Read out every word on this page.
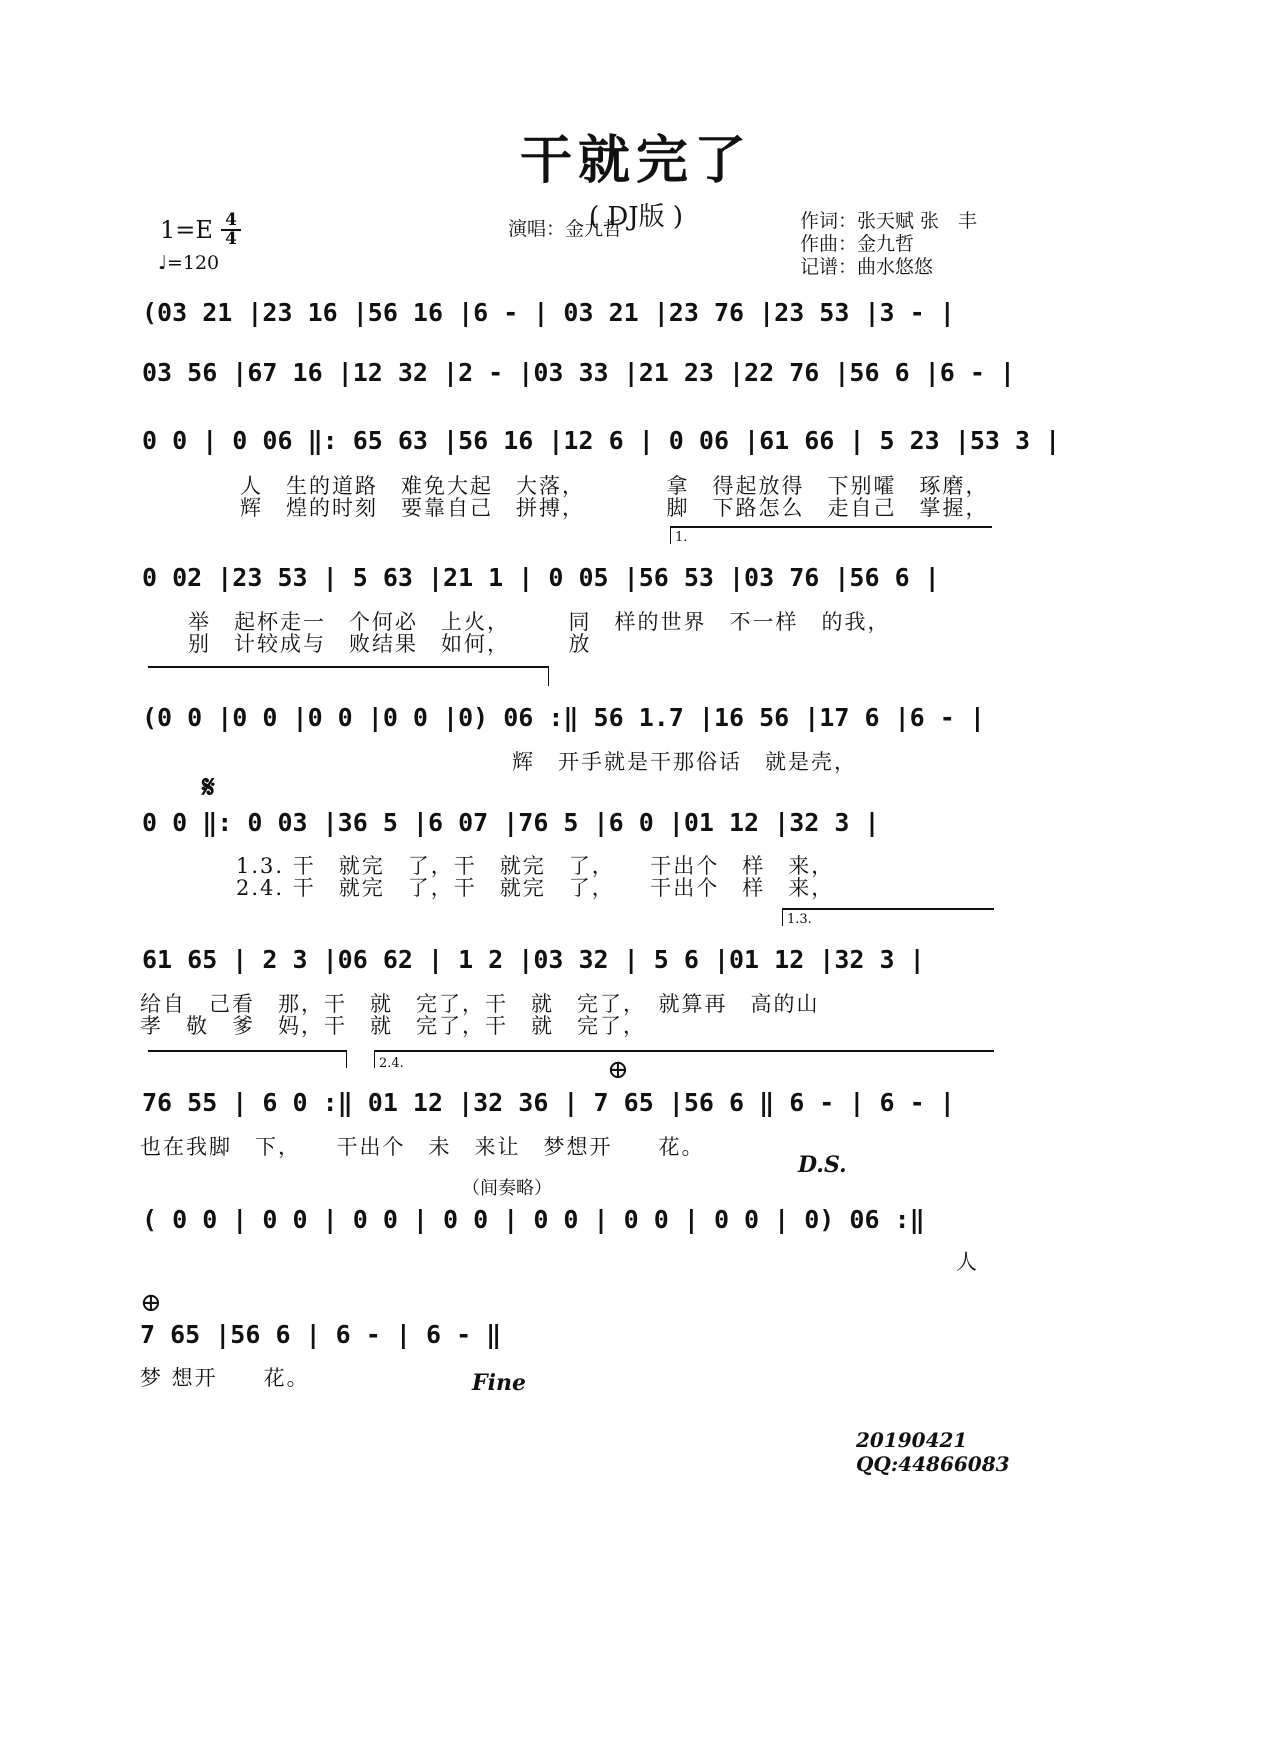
干就完了
( DJ版 )
$1=E \frac{4}{4}$
♩=120
演唱：金九哲	作词：张天赋 张　丰
作曲：金九哲
记谱：曲水悠悠
(03 21 |23 16 |56 16 |6 - | 03 21 |23 76 |23 53 |3 - |
03 56 |67 16 |12 32 |2 - |03 33 |21 23 |22 76 |56 6 |6 - |
0 0 | 0 06 ‖: 65 63 |56 16 |12 6 | 0 06 |61 66 | 5 23 |53 3 |
人　生的道路　难免大起　大落，　　　　拿　得起放得　下别嚯　琢磨，
辉　煌的时刻　要靠自己　拼搏，　　　　脚　下路怎么　走自己　掌握，
1.
0 02 |23 53 | 5 63 |21 1 | 0 05 |56 53 |03 76 |56 6 |
举　起杯走一　个何必　上火，　　　同　样的世界　不一样　的我，
别　计较成与　败结果　如何，　　　放
(0 0 |0 0 |0 0 |0 0 |0) 06 :‖ 56 1.7 |16 56 |17 6 |6 - |
辉　开手就是干那俗话　就是壳，
𝄋
0 0 ‖: 0 03 |36 5 |6 07 |76 5 |6 0 |01 12 |32 3 |
1.3. 干　就完　了，干　就完　了，　　干出个　样　来，
2.4. 干　就完　了，干　就完　了，　　干出个　样　来，
1.3.
61 65 | 2 3 |06 62 | 1 2 |03 32 | 5 6 |01 12 |32 3 |
给自　己看　那，干　就　完了，干　就　完了，　就算再　高的山
孝　敬　爹　妈，干　就　完了，干　就　完了，
2.4.	⊕
76 55 | 6 0 :‖ 01 12 |32 36 | 7 65 |56 6 ‖ 6 - | 6 - |
也在我脚　下，　　干出个　未　来让　梦想开　　花。
D.S.
（间奏略）
( 0 0 | 0 0 | 0 0 | 0 0 | 0 0 | 0 0 | 0 0 | 0) 06 :‖
人
⊕
7 65 |56 6 | 6 - | 6 - ‖
梦 想开　　花。	Fine
20190421
QQ:44866083
